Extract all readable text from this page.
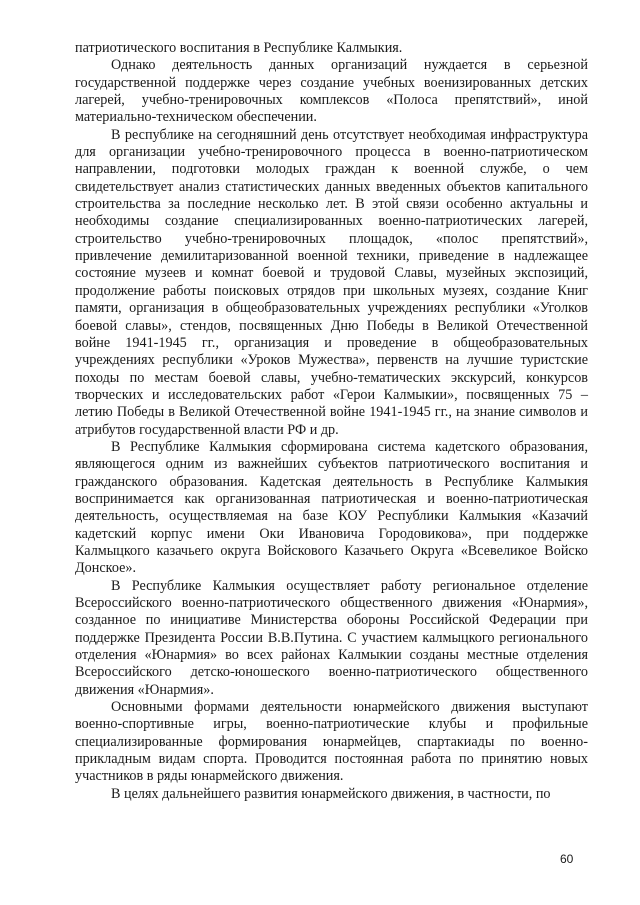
патриотического воспитания в Республике Калмыкия.

Однако деятельность данных организаций нуждается в серьезной государственной поддержке через создание учебных военизированных детских лагерей, учебно-тренировочных комплексов «Полоса препятствий», иной материально-техническом обеспечении.

В республике на сегодняшний день отсутствует необходимая инфраструктура для организации учебно-тренировочного процесса в военно-патриотическом направлении, подготовки молодых граждан к военной службе, о чем свидетельствует анализ статистических данных введенных объектов капитального строительства за последние несколько лет. В этой связи особенно актуальны и необходимы создание специализированных военно-патриотических лагерей, строительство учебно-тренировочных площадок, «полос препятствий», привлечение демилитаризованной военной техники, приведение в надлежащее состояние музеев и комнат боевой и трудовой Славы, музейных экспозиций, продолжение работы поисковых отрядов при школьных музеях, создание Книг памяти, организация в общеобразовательных учреждениях республики «Уголков боевой славы», стендов, посвященных Дню Победы в Великой Отечественной войне 1941-1945 гг., организация и проведение в общеобразовательных учреждениях республики «Уроков Мужества», первенств на лучшие туристские походы по местам боевой славы, учебно-тематических экскурсий, конкурсов творческих и исследовательских работ «Герои Калмыкии», посвященных 75 – летию Победы в Великой Отечественной войне 1941-1945 гг., на знание символов и атрибутов государственной власти РФ и др.

В Республике Калмыкия сформирована система кадетского образования, являющегося одним из важнейших субъектов патриотического воспитания и гражданского образования. Кадетская деятельность в Республике Калмыкия воспринимается как организованная патриотическая и военно-патриотическая деятельность, осуществляемая на базе КОУ Республики Калмыкия «Казачий кадетский корпус имени Оки Ивановича Городовикова», при поддержке Калмыцкого казачьего округа Войскового Казачьего Округа «Всевеликое Войско Донское».

В Республике Калмыкия осуществляет работу региональное отделение Всероссийского военно-патриотического общественного движения «Юнармия», созданное по инициативе Министерства обороны Российской Федерации при поддержке Президента России В.В.Путина. С участием калмыцкого регионального отделения «Юнармия» во всех районах Калмыкии созданы местные отделения Всероссийского детско-юношеского военно-патриотического общественного движения «Юнармия».

Основными формами деятельности юнармейского движения выступают военно-спортивные игры, военно-патриотические клубы и профильные специализированные формирования юнармейцев, спартакиады по военно-прикладным видам спорта. Проводится постоянная работа по принятию новых участников в ряды юнармейского движения.

В целях дальнейшего развития юнармейского движения, в частности, по

60
